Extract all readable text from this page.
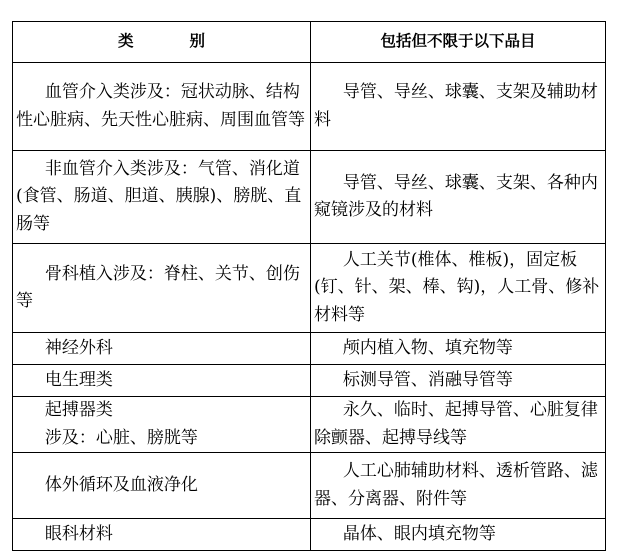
类 别	包括但不限于以下品目
血管介入类涉及：冠状动脉、结构性心脏病、先天性心脏病、周围血管等	导管、导丝、球囊、支架及辅助材料
非血管介入类涉及：气管、消化道(食管、肠道、胆道、胰腺)、膀胱、直肠等	导管、导丝、球囊、支架、各种内窥镜涉及的材料
骨科植入涉及：脊柱、关节、创伤等	人工关节(椎体、椎板)，固定板(钉、针、架、棒、钩)，人工骨、修补材料等
神经外科	颅内植入物、填充物等
电生理类	标测导管、消融导管等

起搏器类
涉及：心脏、膀胱等	永久、临时、起搏导管、心脏复律除颤器、起搏导线等
体外循环及血液净化	人工心肺辅助材料、透析管路、滤器、分离器、附件等
眼科材料	晶体、眼内填充物等
